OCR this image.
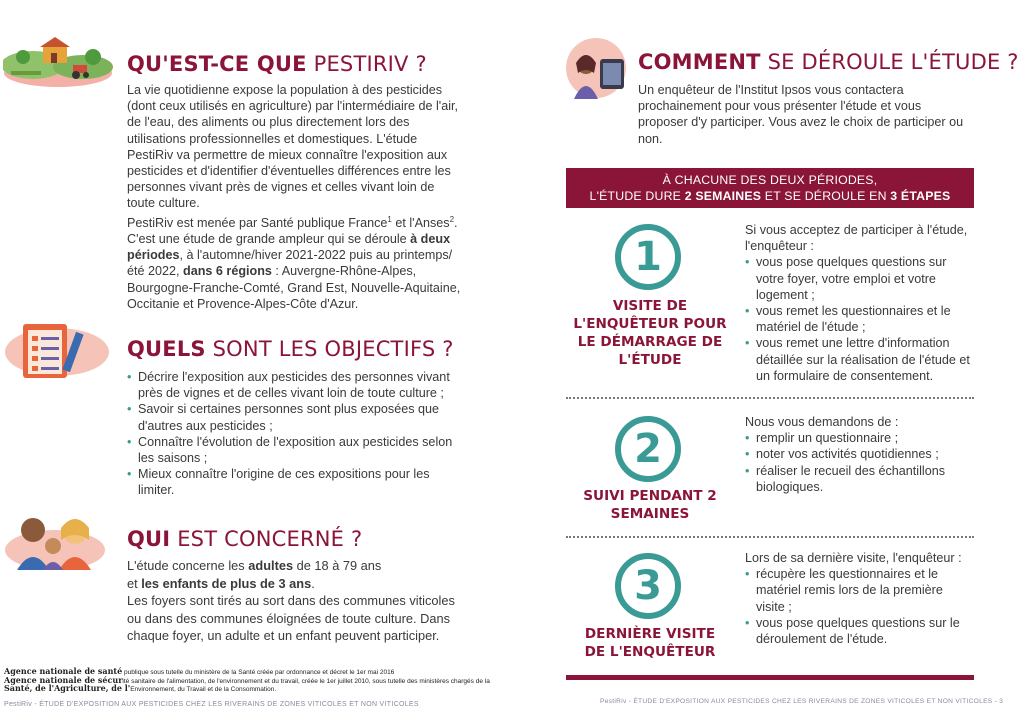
QU'EST-CE QUE PESTIRIV ?

La vie quotidienne expose la population à des pesticides (dont ceux utilisés en agriculture) par l'intermédiaire de l'air, de l'eau, des aliments ou plus directement lors des utilisations professionnelles et domestiques. L'étude PestiRiv va permettre de mieux connaître l'exposition aux pesticides et d'identifier d'éventuelles différences entre les personnes vivant près de vignes et celles vivant loin de toute culture.

PestiRiv est menée par Santé publique France$^1$ et l'Anses$^2$.

C'est une étude de grande ampleur qui se déroule à deux périodes, à l'automne/hiver 2021-2022 puis au printemps/été 2022, dans 6 régions : Auvergne-Rhône-Alpes, Bourgogne-Franche-Comté, Grand Est, Nouvelle-Aquitaine, Occitanie et Provence-Alpes-Côte d'Azur.

QUELS SONT LES OBJECTIFS ?
• Décrire l'exposition aux pesticides des personnes vivant près de vignes et de celles vivant loin de toute culture ;
• Savoir si certaines personnes sont plus exposées que d'autres aux pesticides ;
• Connaître l'évolution de l'exposition aux pesticides selon les saisons ;
• Mieux connaître l'origine de ces expositions pour les limiter.
QUI EST CONCERNÉ ?

L'étude concerne les adultes de 18 à 79 ans

et les enfants de plus de 3 ans.

Les foyers sont tirés au sort dans des communes viticoles ou dans des communes éloignées de toute culture. Dans chaque foyer, un adulte et un enfant peuvent participer.

Agence nationale de santé publique sous tutelle du ministère de la Santé créée par ordonnance et décret le 1er mai 2016
Agence nationale de sécurité sanitaire de l'alimentation, de l'environnement et du travail, créée le 1er juillet 2010, sous tutelle des ministères chargés de la
Santé, de l'Agriculture, de l'Environnement, du Travail et de la Consommation.
PestiRiv - ÉTUDE D'EXPOSITION AUX PESTICIDES CHEZ LES RIVERAINS DE ZONES VITICOLES ET NON VITICOLES
COMMENT SE DÉROULE L'ÉTUDE ?
Un enquêteur de l'Institut Ipsos vous contactera prochainement pour vous présenter l'étude et vous proposer d'y participer. Vous avez le choix de participer ou non.
À CHACUNE DES DEUX PÉRIODES,
L'ÉTUDE DURE 2 SEMAINES ET SE DÉROULE EN 3 ÉTAPES
1
VISITE DE L'ENQUÊTEUR POUR LE DÉMARRAGE DE L'ÉTUDE

Si vous acceptez de participer à l'étude, l'enquêteur :

• vous pose quelques questions sur votre foyer, votre emploi et votre logement ;
• vous remet les questionnaires et le matériel de l'étude ;
• vous remet une lettre d'information détaillée sur la réalisation de l'étude et un formulaire de consentement.
2
SUIVI PENDANT 2 SEMAINES

Nous vous demandons de :

• remplir un questionnaire ;
• noter vos activités quotidiennes ;
• réaliser le recueil des échantillons biologiques.
3
DERNIÈRE VISITE DE L'ENQUÊTEUR

Lors de sa dernière visite, l'enquêteur :

• récupère les questionnaires et le matériel remis lors de la première visite ;
• vous pose quelques questions sur le déroulement de l'étude.
PestiRiv - ÉTUDE D'EXPOSITION AUX PESTICIDES CHEZ LES RIVERAINS DE ZONES VITICOLES ET NON VITICOLES - 3
